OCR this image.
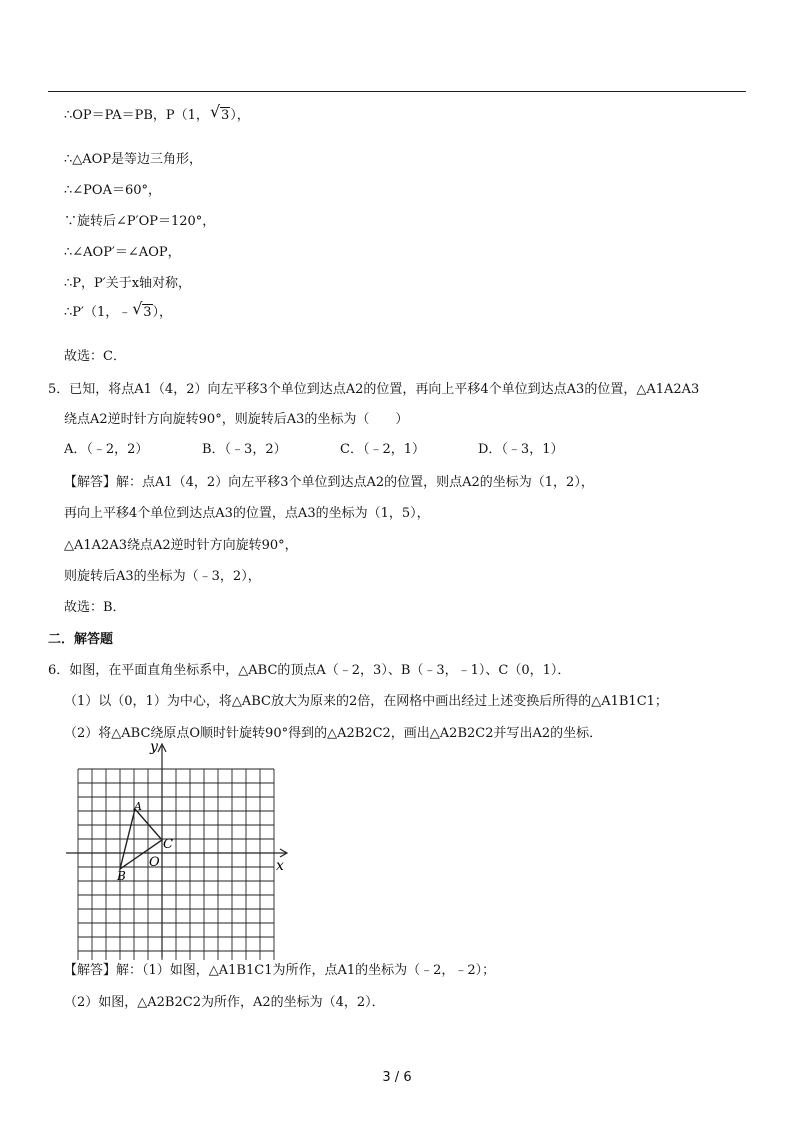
∴OP＝PA＝PB，P（1， √ 3），
∴△AOP是等边三角形，
∴∠POA＝60°，
∵旋转后∠P′OP＝120°，
∴∠AOP′＝∠AOP，
∴P，P′关于x轴对称，
∴P′（1，﹣ √ 3），
故选：C．
5．已知，将点A1（4，2）向左平移3个单位到达点A2的位置，再向上平移4个单位到达点A3的位置，△A1A2A3
绕点A2逆时针方向旋转90°，则旋转后A3的坐标为（　　）
A．（﹣2，2）	B．（﹣3，2）	C．（﹣2，1）	D．（﹣3，1）
【解答】解：点A1（4，2）向左平移3个单位到达点A2的位置，则点A2的坐标为（1，2），
再向上平移4个单位到达点A3的位置，点A3的坐标为（1，5），
△A1A2A3绕点A2逆时针方向旋转90°，
则旋转后A3的坐标为（﹣3，2），
故选：B．
二．解答题
6．如图，在平面直角坐标系中，△ABC的顶点A（﹣2，3）、B（﹣3，﹣1）、C（0，1）．
（1）以（0，1）为中心，将△ABC放大为原来的2倍，在网格中画出经过上述变换后所得的△A1B1C1；
（2）将△ABC绕原点O顺时针旋转90°得到的△A2B2C2，画出△A2B2C2并写出A2的坐标．
y
x
A
B
C
O
【解答】解：（1）如图，△A1B1C1为所作，点A1的坐标为（﹣2，﹣2）；
（2）如图，△A2B2C2为所作，A2的坐标为（4，2）．
3 / 6
